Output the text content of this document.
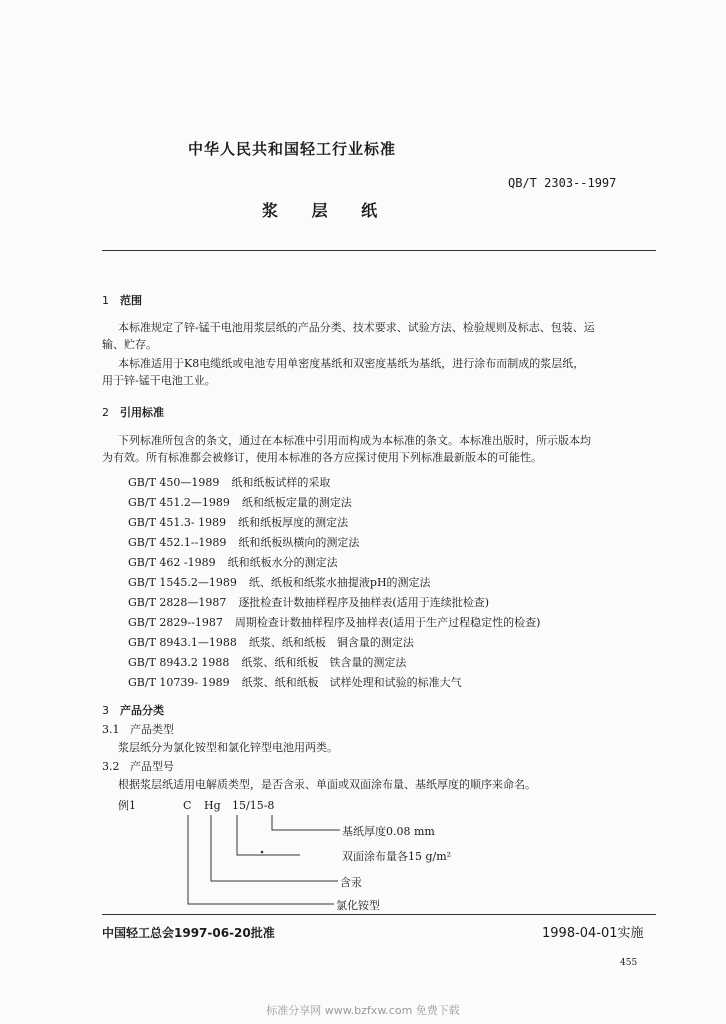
中华人民共和国轻工行业标准
QB/T 2303--1997
浆 层 纸
1 范围
本标准规定了锌-锰干电池用浆层纸的产品分类、技术要求、试验方法、检验规则及标志、包装、运
输、贮存。
本标准适用于K8电缆纸或电池专用单密度基纸和双密度基纸为基纸，进行涂布而制成的浆层纸，
用于锌-锰干电池工业。
2 引用标准
下列标准所包含的条文，通过在本标准中引用而构成为本标准的条文。本标准出版时，所示版本均
为有效。所有标准都会被修订，使用本标准的各方应探讨使用下列标准最新版本的可能性。
GB/T 450—1989 纸和纸板试样的采取
GB/T 451.2—1989 纸和纸板定量的测定法
GB/T 451.3- 1989 纸和纸板厚度的测定法
GB/T 452.1--1989 纸和纸板纵横向的测定法
GB/T 462 -1989 纸和纸板水分的测定法
GB/T 1545.2—1989 纸、纸板和纸浆水抽提液pH的测定法
GB/T 2828—1987 逐批检查计数抽样程序及抽样表(适用于连续批检查)
GB/T 2829--1987 周期检查计数抽样程序及抽样表(适用于生产过程稳定性的检查)
GB/T 8943.1—1988 纸浆、纸和纸板　铜含量的测定法
GB/T 8943.2 1988 纸浆、纸和纸板　铁含量的测定法
GB/T 10739- 1989 纸浆、纸和纸板　试样处理和试验的标准大气
3 产品分类
3.1 产品类型
浆层纸分为氯化铵型和氯化锌型电池用两类。
3.2 产品型号
根据浆层纸适用电解质类型，是否含汞、单面或双面涂布量、基纸厚度的顺序来命名。
例1	C Hg 15/15-8
基纸厚度0.08 mm
双面涂布量各15 g/m²
含汞
氯化铵型
中国轻工总会1997-06-20批准	1998-04-01实施
455
标准分享网 www.bzfxw.com 免费下载
